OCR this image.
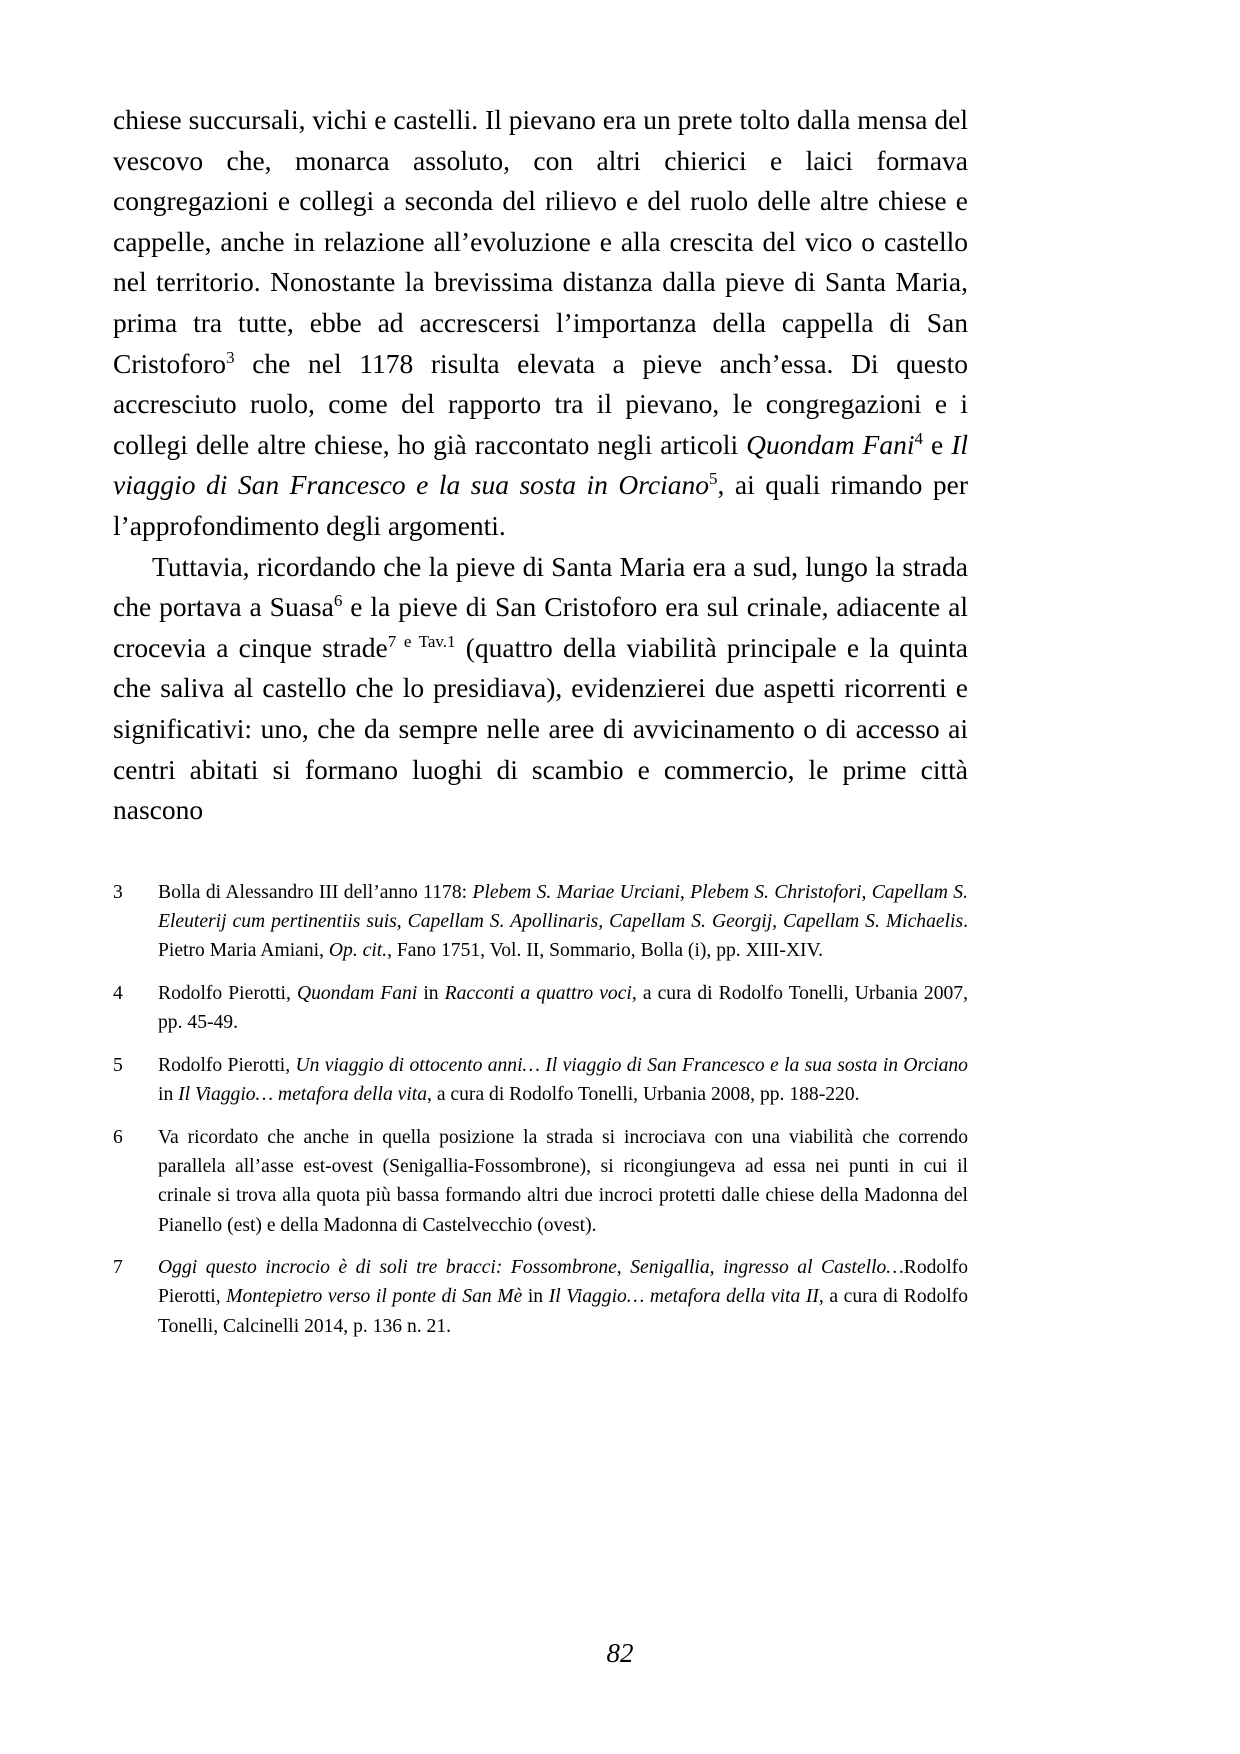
chiese succursali, vichi e castelli. Il pievano era un prete tolto dalla mensa del vescovo che, monarca assoluto, con altri chierici e laici formava congregazioni e collegi a seconda del rilievo e del ruolo delle altre chiese e cappelle, anche in relazione all’evoluzione e alla crescita del vico o castello nel territorio. Nonostante la brevissima distanza dalla pieve di Santa Maria, prima tra tutte, ebbe ad accrescersi l’importanza della cappella di San Cristoforo$^3$ che nel 1178 risulta elevata a pieve anch’essa. Di questo accresciuto ruolo, come del rapporto tra il pievano, le congregazioni e i collegi delle altre chiese, ho già raccontato negli articoli Quondam Fani$^4$ e Il viaggio di San Francesco e la sua sosta in Orciano$^5$, ai quali rimando per l’approfondimento degli argomenti.

Tuttavia, ricordando che la pieve di Santa Maria era a sud, lungo la strada che portava a Suasa$^6$ e la pieve di San Cristoforo era sul crinale, adiacente al crocevia a cinque strade$^{7 e Tav.1}$ (quattro della viabilità principale e la quinta che saliva al castello che lo presidiava), evidenzierei due aspetti ricorrenti e significativi: uno, che da sempre nelle aree di avvicinamento o di accesso ai centri abitati si formano luoghi di scambio e commercio, le prime città nascono

3	Bolla di Alessandro III dell’anno 1178: Plebem S. Mariae Urciani, Plebem S. Christofori, Capellam S. Eleuterij cum pertinentiis suis, Capellam S. Apollinaris, Capellam S. Georgij, Capellam S. Michaelis. Pietro Maria Amiani, Op. cit., Fano 1751, Vol. II, Sommario, Bolla (i), pp. XIII-XIV.
4	Rodolfo Pierotti, Quondam Fani in Racconti a quattro voci, a cura di Rodolfo Tonelli, Urbania 2007, pp. 45-49.
5	Rodolfo Pierotti, Un viaggio di ottocento anni… Il viaggio di San Francesco e la sua sosta in Orciano in Il Viaggio… metafora della vita, a cura di Rodolfo Tonelli, Urbania 2008, pp. 188-220.
6	Va ricordato che anche in quella posizione la strada si incrociava con una viabilità che correndo parallela all’asse est-ovest (Senigallia-Fossombrone), si ricongiungeva ad essa nei punti in cui il crinale si trova alla quota più bassa formando altri due incroci protetti dalle chiese della Madonna del Pianello (est) e della Madonna di Castelvecchio (ovest).
7	Oggi questo incrocio è di soli tre bracci: Fossombrone, Senigallia, ingresso al Castello…Rodolfo Pierotti, Montepietro verso il ponte di San Mè in Il Viaggio… metafora della vita II, a cura di Rodolfo Tonelli, Calcinelli 2014, p. 136 n. 21.
82
